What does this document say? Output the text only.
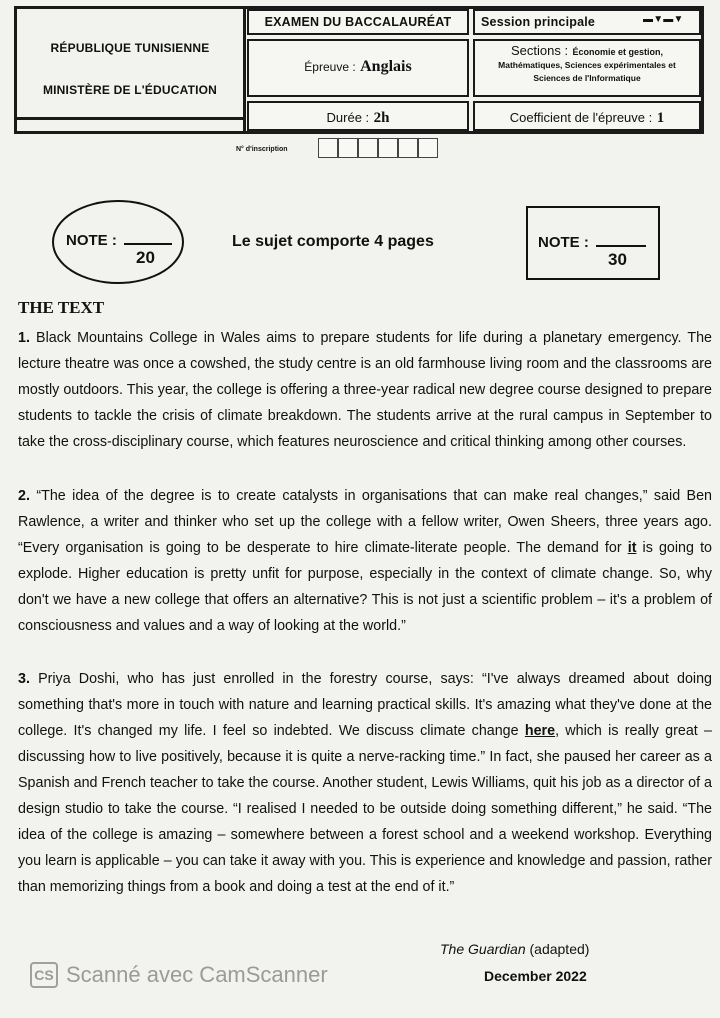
RÉPUBLIQUE TUNISIENNE
MINISTÈRE DE L'ÉDUCATION
EXAMEN DU BACCALAURÉAT	Session principale	▬▼▬▼
Épreuve : Anglais
Sections : Économie et gestion,
Mathématiques, Sciences expérimentales et
Sciences de l'Informatique
Durée : 2h	Coefficient de l'épreuve : 1
N° d'inscription
NOTE :
20
Le sujet comporte 4 pages	NOTE :
30
THE TEXT
1. Black Mountains College in Wales aims to prepare students for life during a planetary emergency. The lecture theatre was once a cowshed, the study centre is an old farmhouse living room and the classrooms are mostly outdoors. This year, the college is offering a three-year radical new degree course designed to prepare students to tackle the crisis of climate breakdown. The students arrive at the rural campus in September to take the cross-disciplinary course, which features neuroscience and critical thinking among other courses.
2. “The idea of the degree is to create catalysts in organisations that can make real changes,” said Ben Rawlence, a writer and thinker who set up the college with a fellow writer, Owen Sheers, three years ago. “Every organisation is going to be desperate to hire climate-literate people. The demand for it is going to explode. Higher education is pretty unfit for purpose, especially in the context of climate change. So, why don't we have a new college that offers an alternative? This is not just a scientific problem – it's a problem of consciousness and values and a way of looking at the world.”
3. Priya Doshi, who has just enrolled in the forestry course, says: “I've always dreamed about doing something that's more in touch with nature and learning practical skills. It's amazing what they've done at the college. It's changed my life. I feel so indebted. We discuss climate change here, which is really great – discussing how to live positively, because it is quite a nerve-racking time.” In fact, she paused her career as a Spanish and French teacher to take the course. Another student, Lewis Williams, quit his job as a director of a design studio to take the course. “I realised I needed to be outside doing something different,” he said. “The idea of the college is amazing – somewhere between a forest school and a weekend workshop. Everything you learn is applicable – you can take it away with you. This is experience and knowledge and passion, rather than memorizing things from a book and doing a test at the end of it.”
The Guardian (adapted)
December 2022
CS Scanné avec CamScanner
